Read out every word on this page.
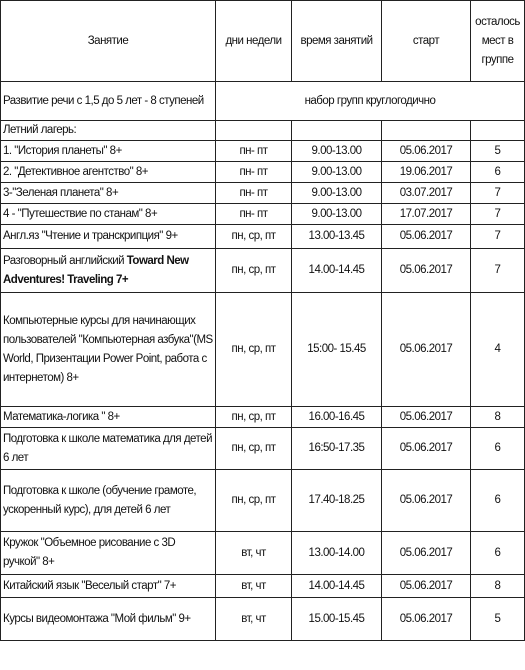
Занятие	дни недели	время занятий	старт	осталось мест в группе
Развитие речи с 1,5 до 5 лет - 8 ступеней	набор групп круглогодично			
Летний лагерь:				
1. "История планеты" 8+	пн- пт	9.00-13.00	05.06.2017	5
2. "Детективное агентство" 8+	пн- пт	9.00-13.00	19.06.2017	6
3-"Зеленая планета" 8+	пн- пт	9.00-13.00	03.07.2017	7
4 - "Путешествие по станам" 8+	пн- пт	9.00-13.00	17.07.2017	7
Англ.яз "Чтение и транскрипция" 9+	пн, ср, пт	13.00-13.45	05.06.2017	7
Разговорный английский Toward New Adventures! Traveling 7+	пн, ср, пт	14.00-14.45	05.06.2017	7
Компьютерные курсы для начинающих пользователей "Компьютерная азбука"(MS World, Призентации Power Point, работа с интернетом) 8+	пн, ср, пт	15:00- 15.45	05.06.2017	4
Математика-логика " 8+	пн, ср, пт	16.00-16.45	05.06.2017	8
Подготовка к школе математика для детей 6 лет	пн, ср, пт	16:50-17.35	05.06.2017	6
Подготовка к школе (обучение грамоте, ускоренный курс), для детей 6 лет	пн, ср, пт	17.40-18.25	05.06.2017	6
Кружок "Объемное рисование с 3D ручкой" 8+	вт, чт	13.00-14.00	05.06.2017	6
Китайский язык "Веселый старт" 7+	вт, чт	14.00-14.45	05.06.2017	8
Курсы видеомонтажа "Мой фильм" 9+	вт, чт	15.00-15.45	05.06.2017	5
